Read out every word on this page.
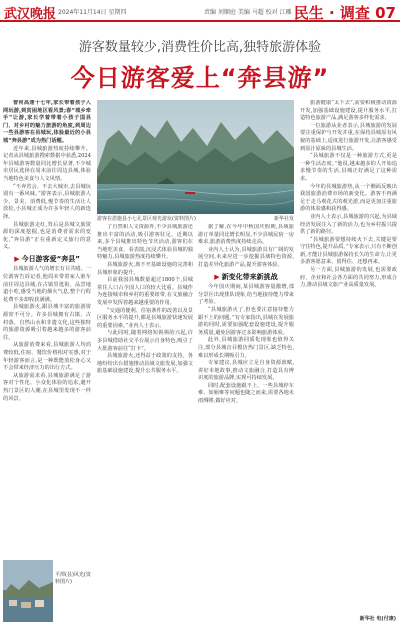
武汉晚报 2024年11月14日 星期四	责编 刘顺庭 美编 马超 校对 江雕 民生 · 调查 07
游客数量较少,消费性价比高,独特旅游体验
今日游客爱上“奔县游”

曾何高速十七年,家长带着孩子入网玩游,到贫困地区看风景;春“城乡牵手”让游,家长学着带着小孩子国县门、对乡村的魅力旅游的角度,到周边一些县游客在县城玩,体验最近的小县城“奔县游”成为热门话题。

近年来,县城旅游热度持续攀升。记者从县城旅游搜索数据中获悉,2024年县城游客数量同比增长显著,不少城市居民选择在周末前往周边县城,体验当地特色美食与人文风情。

“不奔省会、不去大城市,去县城玩别有一番风味。”游客表示,县城旅游人少、景美、消费低,慢节奏的生活让人放松,小县城正成为许多年轻人的新选择。

县城旅游走红,背后是县城文旅资源的深度挖掘,也是消费者需求的变化,“奔县游”正在重新定义旅行的意义。

▶ 今日游客爱“奔县”

县城旅游人气的增长有目共睹。一位游客告诉记者,他周末带着家人驱车前往周边县城,在古镇里逛街、品尝地道小吃,感受当地的烟火气息,整个行程花费不多却收获满满。

县城旅游火,跟县城丰富的旅游资源密不可分。许多县城拥有古镇、古村落、自然山水和非遗文化,这些独特的旅游资源吸引着越来越多的游客前往。

从旅游消费来看,县城旅游人均消费较低,住宿、餐饮价格相对实惠,对于年轻游客而言,是一种既能放松身心又不会带来经济压力的出行方式。

从旅游需求看,县城旅游满足了游客对个性化、小众化体验的追求,避开热门景区的人潮,在县城里发现不一样的风景。

游客在恩施县小七孔景区观光游玩(资料图片)	新华社发

了自然和人文资源外,不少县城旅游还推出丰富的活动,吸引游客驻足。近期以来,多个县城推出特色节庆活动,游客们在当地吃美食、看表演,沉浸式体验县城的独特魅力,县城旅游热度持续攀升。

县城旅游火,离不开基础设施的完善和县城形象的提升。

目前我国县城数量超过1800个,县城常住人口占全国人口的较大比重。县城作为连接城市和乡村的重要纽带,在文旅融合发展中发挥着越来越重要的作用。

“交通的便利、住宿条件的改善以及景区服务水平的提升,都是县城旅游快速发展的重要因素。”业内人士表示。

与此同时,随着网络短视频的兴起,许多县城借助社交平台展示自身特色,吸引了大批游客前往“打卡”。

县城旅游火,还得益于政策的支持。各地纷纷出台措施推动县域文旅发展,加强文旅基础设施建设,提升公共服务水平。

据了解,在今年中秋国庆假期,县域旅游订单量同比增长明显,不少县城民宿一房难求,旅游消费热度持续走高。

业内人士认为,县城旅游具有广阔的发展空间,未来应进一步挖掘县域特色资源,打造差异化旅游产品,提升游客体验。

▶ 新变化带来新挑战

今年国庆期间,某县城游客量激增,部分景区出现排队现象,给当地接待能力带来了考验。

“县城旅游火了,但也要注意接待能力跟不上的问题。”有专家指出,县城在发展旅游的同时,需要加强配套设施建设,提升服务质量,避免因游客过多影响旅游体验。

此外,县城旅游同质化现象也值得关注,部分县城盲目模仿热门景区,缺乏特色,难以形成长期吸引力。

专家建议,县城应立足自身资源禀赋,讲好本地故事,推动文旅融合,打造具有辨识度的旅游品牌,实现可持续发展。

同时,配套设施跟不上、一些县城停车难、如厕难等问题也随之而来,需要各地未雨绸缪,做好应对。

旅游健康“太下去”,需要积极推动资源开发,加强基础设施建设,提升服务水平,打造特色旅游产品,满足游客多样化需求。

一位旅游从业者表示,县城旅游的发展要注重保护与开发并重,在保持县城原有风貌的基础上,适度进行旅游开发,让游客感受到原汁原味的县城生活。

“县城旅游不仅是一种旅游方式,更是一种生活态度。”他说,越来越多的人开始追求慢节奏的生活,县城正好满足了这种需求。

今年的县城旅游热,从一个侧面反映出我国旅游消费市场的新变化。游客不再满足于走马观花式的观光游,而是更加注重旅游的体验感和获得感。

业内人士表示,县城旅游的兴起,为县域经济发展注入了新的活力,也为乡村振兴提供了新的路径。

“县城旅游要想持续火下去,关键是要守住特色,提升品质。”专家表示,只有不断创新,才能让县城旅游保持长久的生命力,让更多游客愿意来、留得住、还想再来。

另一方面,县城旅游的发展,也需要政府、企业和社会各方面的共同努力,形成合力,推动县域文旅产业高质量发展。

平潭(县)风光(资料图片)
新华社 电(付康)
